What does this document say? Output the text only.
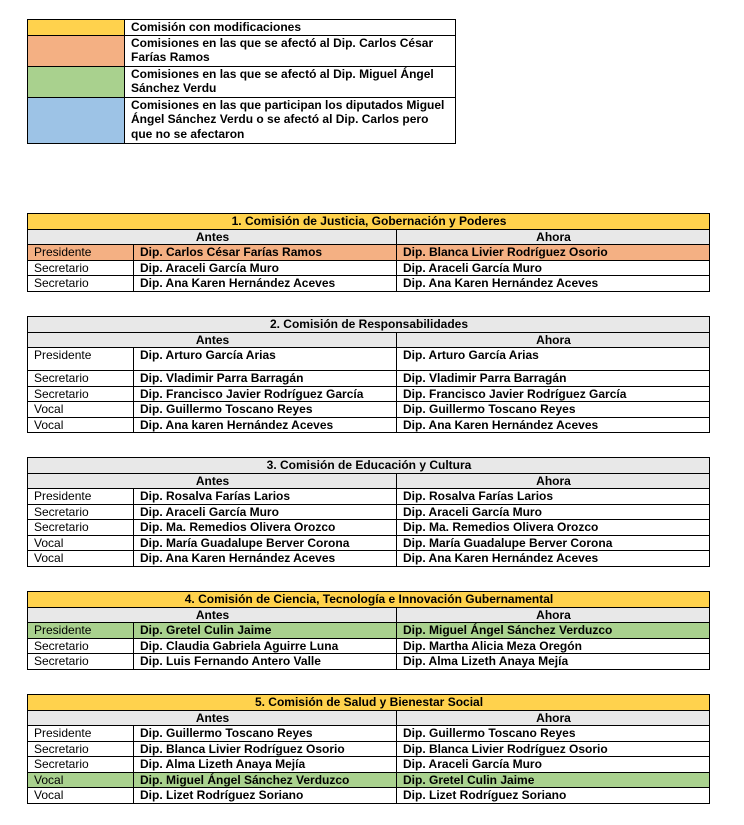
	Comisión con modificaciones
	Comisiones en las que se afectó al Dip. Carlos César Farías Ramos
	Comisiones en las que se afectó al Dip. Miguel Ángel Sánchez Verdu
	Comisiones en las que participan los diputados Miguel Ángel Sánchez Verdu o se afectó al Dip. Carlos pero que no se afectaron
1. Comisión de Justicia, Gobernación y Poderes		
Antes		Ahora
Presidente	Dip. Carlos César Farías Ramos	Dip. Blanca Livier Rodríguez Osorio
Secretario	Dip. Araceli García Muro	Dip. Araceli García Muro
Secretario	Dip. Ana Karen Hernández Aceves	Dip. Ana Karen Hernández Aceves
2. Comisión de Responsabilidades		
Antes		Ahora
Presidente	Dip. Arturo García Arias	Dip. Arturo García Arias
Secretario	Dip. Vladimir Parra Barragán	Dip. Vladimir Parra Barragán
Secretario	Dip. Francisco Javier Rodríguez García	Dip. Francisco Javier Rodríguez García
Vocal	Dip. Guillermo Toscano Reyes	Dip. Guillermo Toscano Reyes
Vocal	Dip. Ana karen Hernández Aceves	Dip. Ana Karen Hernández Aceves
3. Comisión de Educación y Cultura		
Antes		Ahora
Presidente	Dip. Rosalva Farías Larios	Dip. Rosalva Farías Larios
Secretario	Dip. Araceli García Muro	Dip. Araceli García Muro
Secretario	Dip. Ma. Remedios Olivera Orozco	Dip. Ma. Remedios Olivera Orozco
Vocal	Dip. María Guadalupe Berver Corona	Dip. María Guadalupe Berver Corona
Vocal	Dip. Ana Karen Hernández Aceves	Dip. Ana Karen Hernández Aceves
4. Comisión de Ciencia, Tecnología e Innovación Gubernamental		
Antes		Ahora
Presidente	Dip. Gretel Culin Jaime	Dip. Miguel Ángel Sánchez Verduzco
Secretario	Dip. Claudia Gabriela Aguirre Luna	Dip. Martha Alicia Meza Oregón
Secretario	Dip. Luis Fernando Antero Valle	Dip. Alma Lizeth Anaya Mejía
5. Comisión de Salud y Bienestar Social		
Antes		Ahora
Presidente	Dip. Guillermo Toscano Reyes	Dip. Guillermo Toscano Reyes
Secretario	Dip. Blanca Livier Rodríguez Osorio	Dip. Blanca Livier Rodríguez Osorio
Secretario	Dip. Alma Lizeth Anaya Mejía	Dip. Araceli García Muro
Vocal	Dip. Miguel Ángel Sánchez Verduzco	Dip. Gretel Culin Jaime
Vocal	Dip. Lizet Rodríguez Soriano	Dip. Lizet Rodríguez Soriano
